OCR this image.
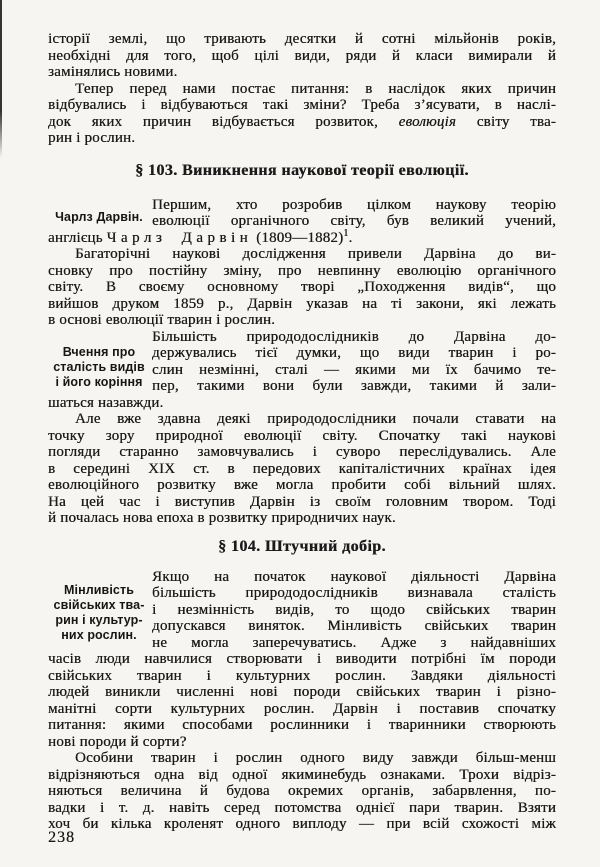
історії землі, що тривають десятки й сотні мільйонів років,
необхідні для того, щоб цілі види, ряди й класи вимирали й
замінялись новими.
Тепер перед нами постає питання: в наслідок яких причин
відбувались і відбуваються такі зміни? Треба з’ясувати, в наслі-
док яких причин відбувається розвиток, еволюція світу тва-
рин і рослин.
§ 103. Виникнення наукової теорії еволюції.
Чарлз Дарвін.
Першим, хто розробив цілком наукову теорію
еволюції органічного світу, був великий учений,
англієць Чарлз Дарвін (1809—1882)$^1$.
Багаторічні наукові дослідження привели Дарвіна до ви-
сновку про постійну зміну, про невпинну еволюцію органічного
світу. В своєму основному творі „Походження видів“, що
вийшов друком 1859 р., Дарвін указав на ті закони, які лежать
в основі еволюції тварин і рослин.
Вчення про
сталість видів
і його коріння
Більшість природодослідників до Дарвіна до-
держувались тієї думки, що види тварин і ро-
слин незмінні, сталі — якими ми їх бачимо те-
пер, такими вони були завжди, такими й зали-
шаться назавжди.
Але вже здавна деякі природодослідники почали ставати на
точку зору природної еволюції світу. Спочатку такі наукові
погляди старанно замовчувались і суворо переслідувались. Але
в середині XIX ст. в передових капіталістичних країнах ідея
еволюційного розвитку вже могла пробити собі вільний шлях.
На цей час і виступив Дарвін із своїм головним твором. Тоді
й почалась нова епоха в розвитку природничих наук.
§ 104. Штучний добір.
Мінливість
свійських тва-
рин і культур-
них рослин.
Якщо на початок наукової діяльності Дарвіна
більшість природодослідників визнавала сталість
і незмінність видів, то щодо свійських тварин
допускався виняток. Мінливість свійських тварин
не могла заперечуватись. Адже з найдавніших
часів люди навчилися створювати і виводити потрібні їм породи
свійських тварин і культурних рослин. Завдяки діяльності
людей виникли численні нові породи свійських тварин і різно-
манітні сорти культурних рослин. Дарвін і поставив спочатку
питання: якими способами рослинники і тваринники створюють
нові породи й сорти?
Особини тварин і рослин одного виду завжди більш-менш
відрізняються одна від одної якиминебудь ознаками. Трохи відріз-
няються величина й будова окремих органів, забарвлення, по-
вадки і т. д. навіть серед потомства однієї пари тварин. Взяти
хоч би кілька кроленят одного виплоду — при всій схожості між
238
